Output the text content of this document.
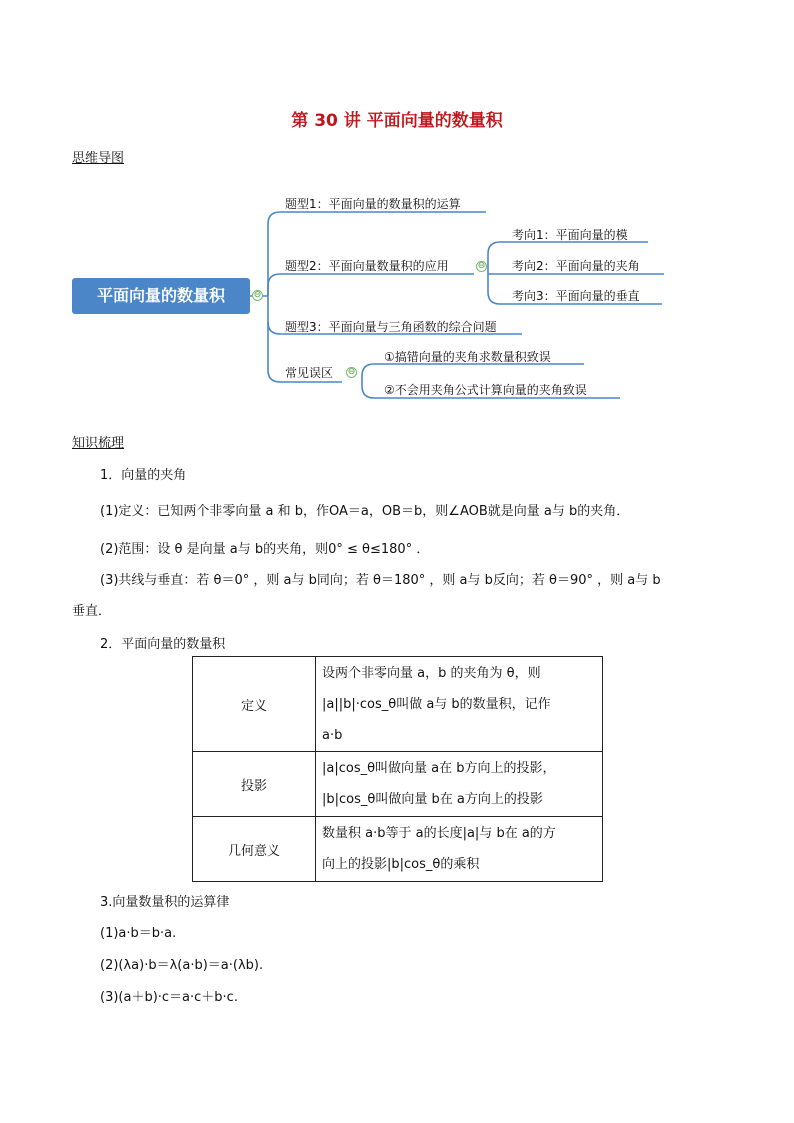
第 30 讲 平面向量的数量积
思维导图
平面向量的数量积	⊖
题型1：平面向量的数量积的运算
题型2：平面向量数量积的应用	⊖
考向1：平面向量的模
考向2：平面向量的夹角
考向3：平面向量的垂直
题型3：平面向量与三角函数的综合问题
常见误区 ⊖
①搞错向量的夹角求数量积致误
②不会用夹角公式计算向量的夹角致误
知识梳理
1．向量的夹角
(1)定义：已知两个非零向量 a 和 b，作OA＝a，OB＝b，则∠AOB就是向量 a与 b的夹角．
(2)范围：设 θ 是向量 a与 b的夹角，则0° ≤ θ≤180° ．
(3)共线与垂直：若 θ＝0° ，则 a与 b同向；若 θ＝180° ，则 a与 b反向；若 θ＝90° ，则 a与 b
垂直．
2．平面向量的数量积
定义	设两个非零向量 a，b 的夹角为 θ，则
|a||b|·cos_θ叫做 a与 b的数量积，记作
a·b

投影	|a|cos_θ叫做向量 a在 b方向上的投影，
|b|cos_θ叫做向量 b在 a方向上的投影

几何意义	数量积 a·b等于 a的长度|a|与 b在 a的方
向上的投影|b|cos_θ的乘积
3.向量数量积的运算律
(1)a·b＝b·a.
(2)(λa)·b＝λ(a·b)＝a·(λb).
(3)(a＋b)·c＝a·c＋b·c.
